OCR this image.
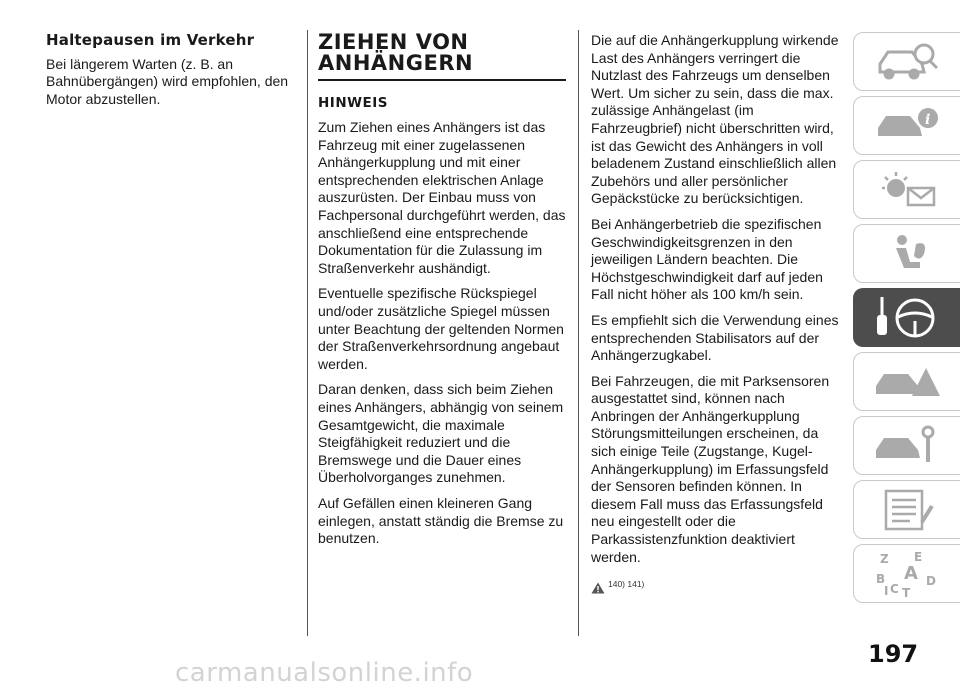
Haltepausen im Verkehr

Bei längerem Warten (z. B. an Bahnübergängen) wird empfohlen, den Motor abzustellen.

ZIEHEN VON
ANHÄNGERN
HINWEIS

Zum Ziehen eines Anhängers ist das Fahrzeug mit einer zugelassenen Anhängerkupplung und mit einer entsprechenden elektrischen Anlage auszurüsten. Der Einbau muss von Fachpersonal durchgeführt werden, das anschließend eine entsprechende Dokumentation für die Zulassung im Straßenverkehr aushändigt.

Eventuelle spezifische Rückspiegel und/oder zusätzliche Spiegel müssen unter Beachtung der geltenden Normen der Straßenverkehrsordnung angebaut werden.

Daran denken, dass sich beim Ziehen eines Anhängers, abhängig von seinem Gesamtgewicht, die maximale Steigfähigkeit reduziert und die Bremswege und die Dauer eines Überholvorganges zunehmen.

Auf Gefällen einen kleineren Gang einlegen, anstatt ständig die Bremse zu benutzen.

Die auf die Anhängerkupplung wirkende Last des Anhängers verringert die Nutzlast des Fahrzeugs um denselben Wert. Um sicher zu sein, dass die max. zulässige Anhängelast (im Fahrzeugbrief) nicht überschritten wird, ist das Gewicht des Anhängers in voll beladenem Zustand einschließlich allen Zubehörs und aller persönlicher Gepäckstücke zu berücksichtigen.

Bei Anhängerbetrieb die spezifischen Geschwindigkeitsgrenzen in den jeweiligen Ländern beachten. Die Höchstgeschwindigkeit darf auf jeden Fall nicht höher als 100 km/h sein.

Es empfiehlt sich die Verwendung eines entsprechenden Stabilisators auf der Anhängerzugkabel.

Bei Fahrzeugen, die mit Parksensoren ausgestattet sind, können nach Anbringen der Anhängerkupplung Störungsmitteilungen erscheinen, da sich einige Teile (Zugstange, Kugel-Anhängerkupplung) im Erfassungsfeld der Sensoren befinden können. In diesem Fall muss das Erfassungsfeld neu eingestellt oder die Parkassistenzfunktion deaktiviert werden.

140) 141)
i
Z E
A
B
C
D
I T
197
carmanualsonline.info
